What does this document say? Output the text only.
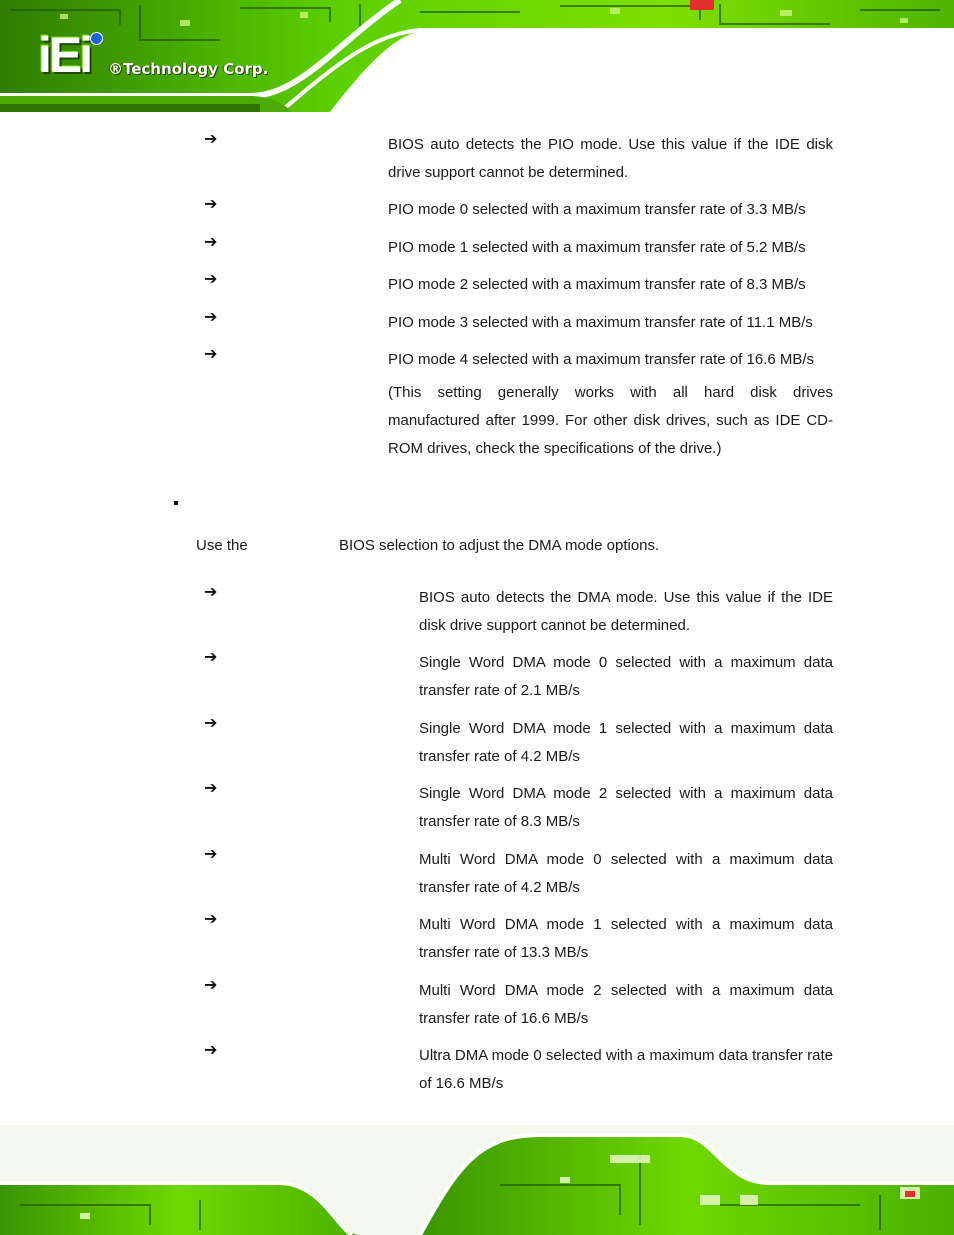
iEi ®Technology Corp.
➔	BIOS auto detects the PIO mode. Use this value if the IDE disk drive support cannot be determined.
➔	PIO mode 0 selected with a maximum transfer rate of 3.3 MB/s
➔	PIO mode 1 selected with a maximum transfer rate of 5.2 MB/s
➔	PIO mode 2 selected with a maximum transfer rate of 8.3 MB/s
➔	PIO mode 3 selected with a maximum transfer rate of 11.1 MB/s
➔	PIO mode 4 selected with a maximum transfer rate of 16.6 MB/s
(This setting generally works with all hard disk drives manufactured after 1999. For other disk drives, such as IDE CD-ROM drives, check the specifications of the drive.)
Use the	BIOS selection to adjust the DMA mode options.
➔	BIOS auto detects the DMA mode. Use this value if the IDE disk drive support cannot be determined.
➔	Single Word DMA mode 0 selected with a maximum data transfer rate of 2.1 MB/s
➔	Single Word DMA mode 1 selected with a maximum data transfer rate of 4.2 MB/s
➔	Single Word DMA mode 2 selected with a maximum data transfer rate of 8.3 MB/s
➔	Multi Word DMA mode 0 selected with a maximum data transfer rate of 4.2 MB/s
➔	Multi Word DMA mode 1 selected with a maximum data transfer rate of 13.3 MB/s
➔	Multi Word DMA mode 2 selected with a maximum data transfer rate of 16.6 MB/s
➔	Ultra DMA mode 0 selected with a maximum data transfer rate of 16.6 MB/s
